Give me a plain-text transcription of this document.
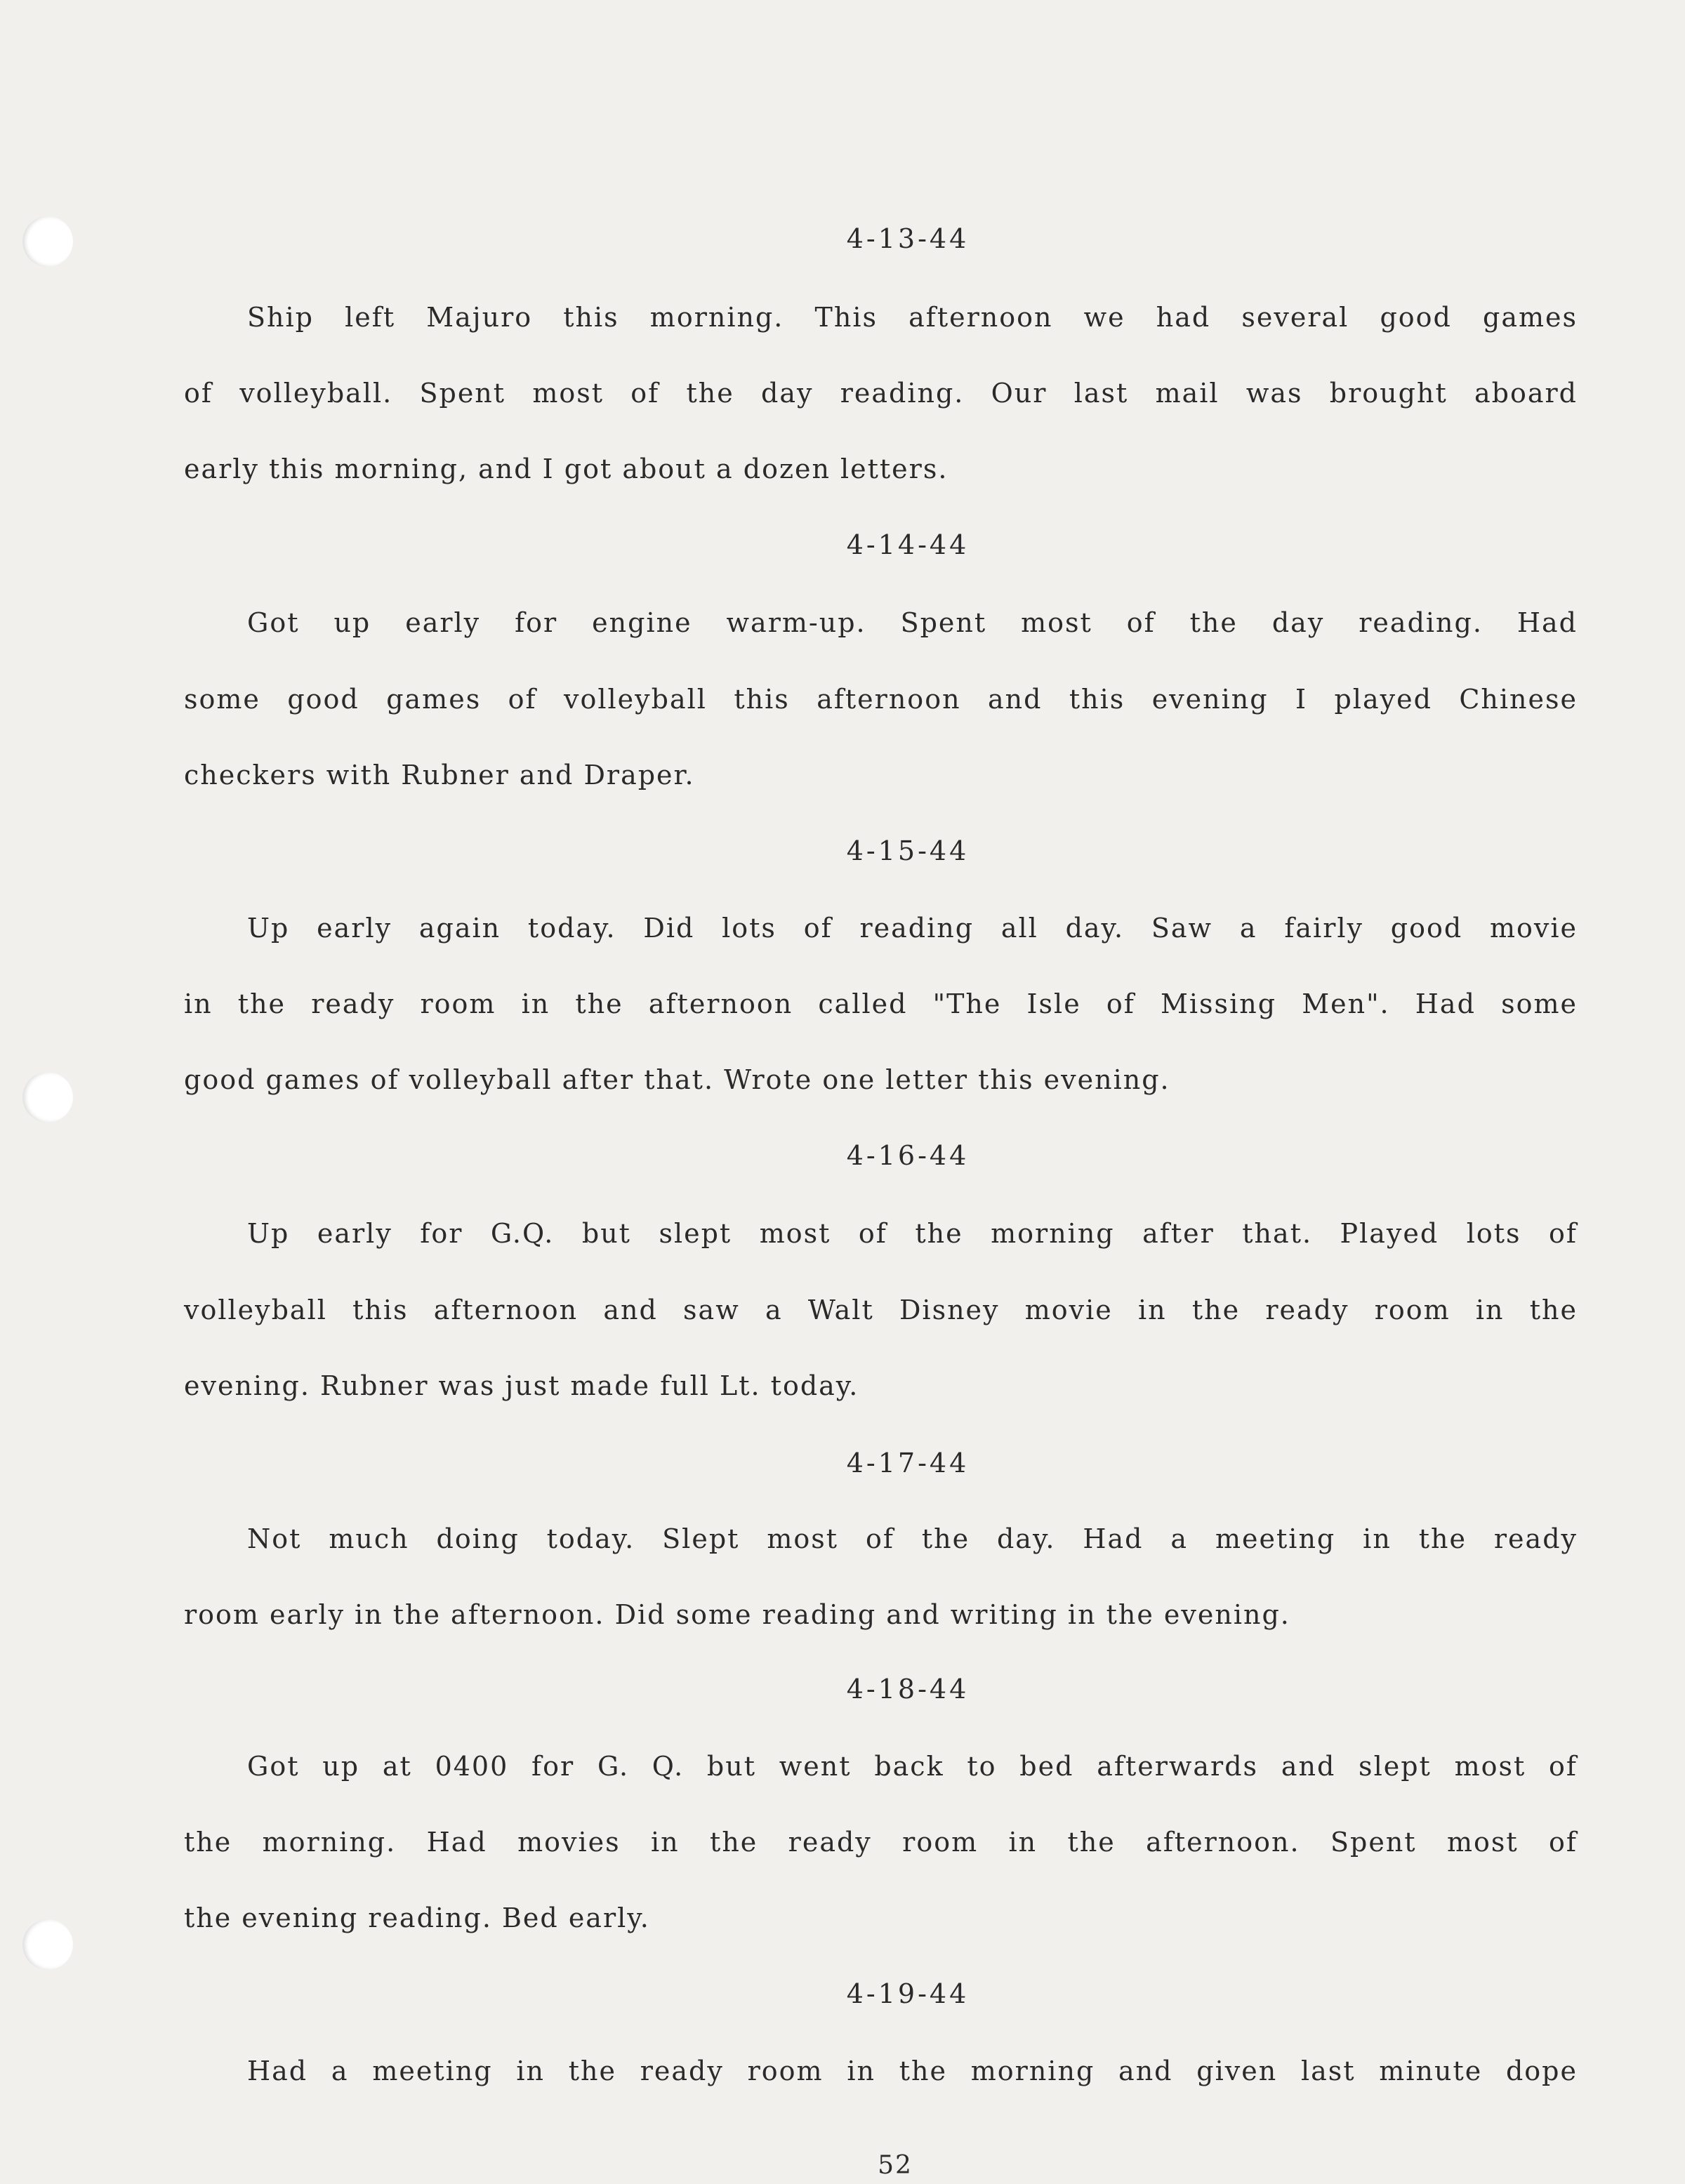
4-13-44
Ship left Majuro this morning. This afternoon we had several good games
of volleyball. Spent most of the day reading. Our last mail was brought aboard
early this morning, and I got about a dozen letters.
4-14-44
Got up early for engine warm-up. Spent most of the day reading. Had
some good games of volleyball this afternoon and this evening I played Chinese
checkers with Rubner and Draper.
4-15-44
Up early again today. Did lots of reading all day. Saw a fairly good movie
in the ready room in the afternoon called "The Isle of Missing Men". Had some
good games of volleyball after that. Wrote one letter this evening.
4-16-44
Up early for G.Q. but slept most of the morning after that. Played lots of
volleyball this afternoon and saw a Walt Disney movie in the ready room in the
evening. Rubner was just made full Lt. today.
4-17-44
Not much doing today. Slept most of the day. Had a meeting in the ready
room early in the afternoon. Did some reading and writing in the evening.
4-18-44
Got up at 0400 for G. Q. but went back to bed afterwards and slept most of
the morning. Had movies in the ready room in the afternoon. Spent most of
the evening reading. Bed early.
4-19-44
Had a meeting in the ready room in the morning and given last minute dope
52
